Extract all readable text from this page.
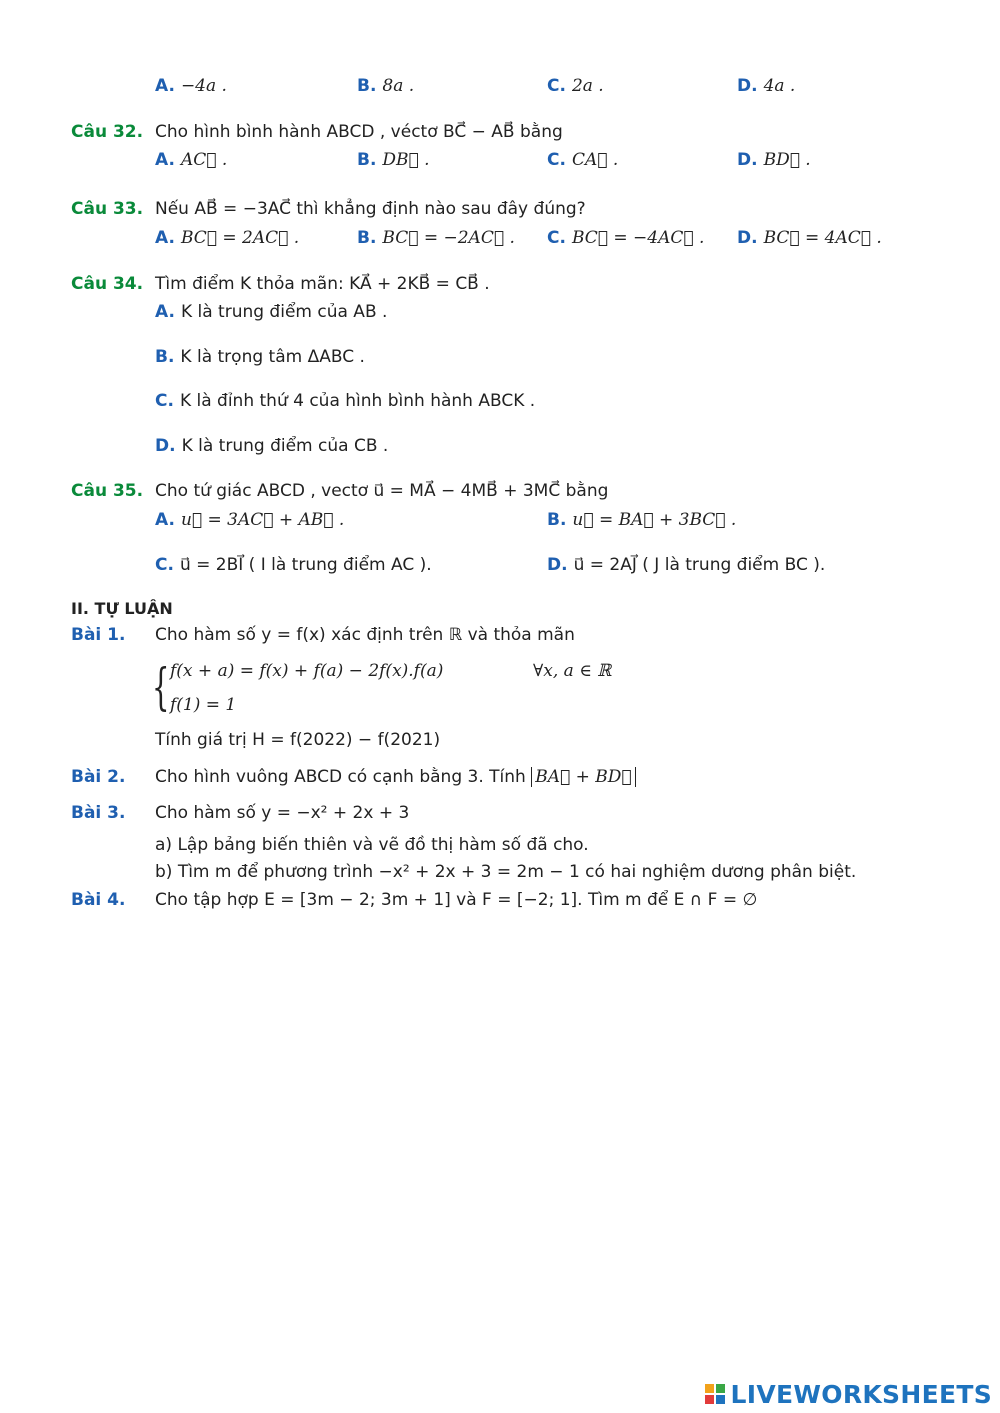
A. −4a .	B. 8a .	C. 2a .	D. 4a .
Câu 32. Cho hình bình hành ABCD , véctơ BC⃗ − AB⃗ bằng
A. AC⃗ .	B. DB⃗ .	C. CA⃗ .	D. BD⃗ .
Câu 33. Nếu AB⃗ = −3AC⃗ thì khẳng định nào sau đây đúng?
A. BC⃗ = 2AC⃗ .	B. BC⃗ = −2AC⃗ . C. BC⃗ = −4AC⃗ . D. BC⃗ = 4AC⃗ .
Câu 34. Tìm điểm K thỏa mãn: KA⃗ + 2KB⃗ = CB⃗ .
A. K là trung điểm của AB .
B. K là trọng tâm ΔABC .
C. K là đỉnh thứ 4 của hình bình hành ABCK .
D. K là trung điểm của CB .
Câu 35. Cho tứ giác ABCD , vectơ u⃗ = MA⃗ − 4MB⃗ + 3MC⃗ bằng
A. u⃗ = 3AC⃗ + AB⃗ .	B. u⃗ = BA⃗ + 3BC⃗ .
C. u⃗ = 2BI⃗ ( I là trung điểm AC ).	D. u⃗ = 2AJ⃗ ( J là trung điểm BC ).
II. TỰ LUẬN
Bài 1. Cho hàm số y = f(x) xác định trên ℝ và thỏa mãn
{ f(x + a) = f(x) + f(a) − 2f(x).f(a)	∀x, a ∈ ℝ
f(1) = 1
Tính giá trị H = f(2022) − f(2021)
Bài 2. Cho hình vuông ABCD có cạnh bằng 3. Tính BA⃗ + BD⃗
Bài 3. Cho hàm số y = −x² + 2x + 3
a) Lập bảng biến thiên và vẽ đồ thị hàm số đã cho.
b) Tìm m để phương trình −x² + 2x + 3 = 2m − 1 có hai nghiệm dương phân biệt.
Bài 4. Cho tập hợp E = [3m − 2; 3m + 1] và F = [−2; 1]. Tìm m để E ∩ F = ∅
LIVEWORKSHEETS
